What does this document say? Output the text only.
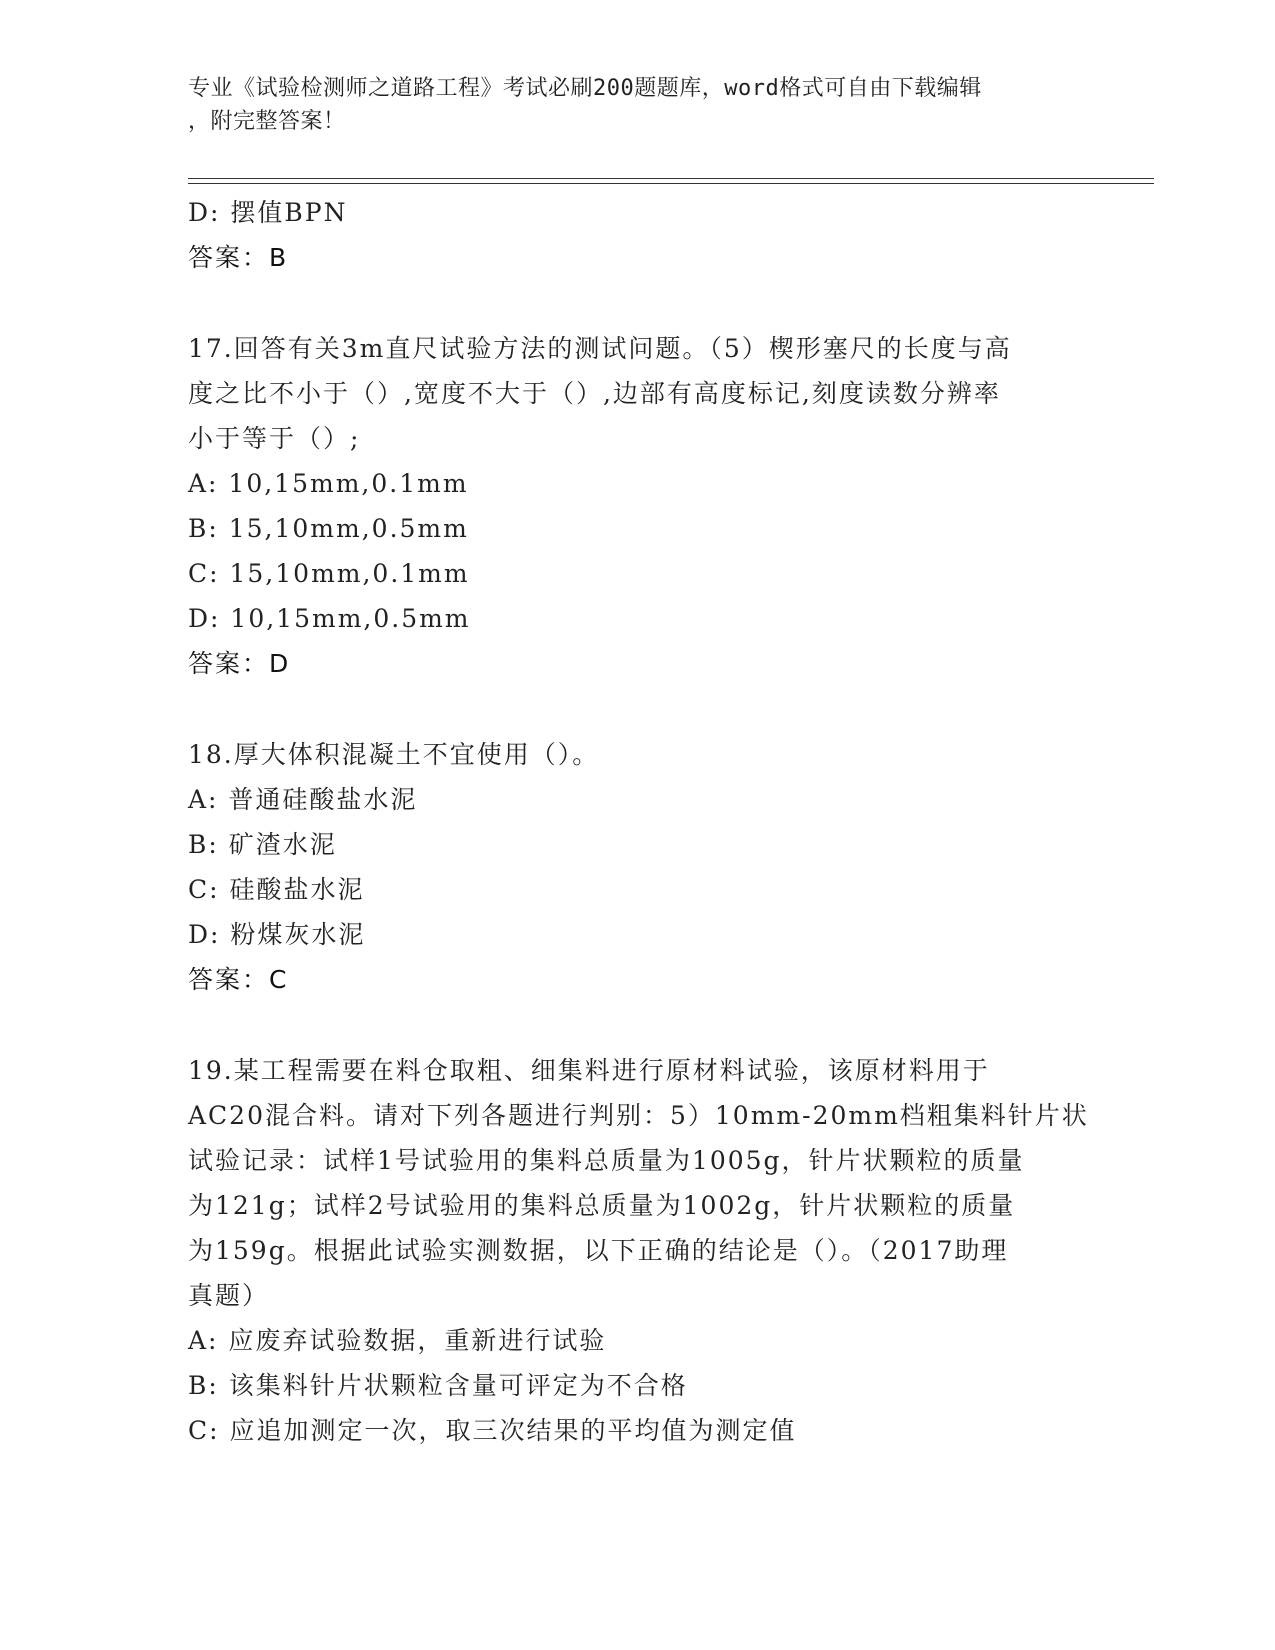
专业《试验检测师之道路工程》考试必刷200题题库，word格式可自由下载编辑
，附完整答案！
D: 摆值BPN
答案：B
17.回答有关3m直尺试验方法的测试问题。（5）楔形塞尺的长度与高
度之比不小于（）,宽度不大于（）,边部有高度标记,刻度读数分辨率
小于等于（）;
A: 10,15mm,0.1mm
B: 15,10mm,0.5mm
C: 15,10mm,0.1mm
D: 10,15mm,0.5mm
答案：D
18.厚大体积混凝土不宜使用（）。
A: 普通硅酸盐水泥
B: 矿渣水泥
C: 硅酸盐水泥
D: 粉煤灰水泥
答案：C
19.某工程需要在料仓取粗、细集料进行原材料试验，该原材料用于
AC20混合料。请对下列各题进行判别：5）10mm-20mm档粗集料针片状
试验记录：试样1号试验用的集料总质量为1005g，针片状颗粒的质量
为121g；试样2号试验用的集料总质量为1002g，针片状颗粒的质量
为159g。根据此试验实测数据，以下正确的结论是（）。（2017助理
真题）
A: 应废弃试验数据，重新进行试验
B: 该集料针片状颗粒含量可评定为不合格
C: 应追加测定一次，取三次结果的平均值为测定值
